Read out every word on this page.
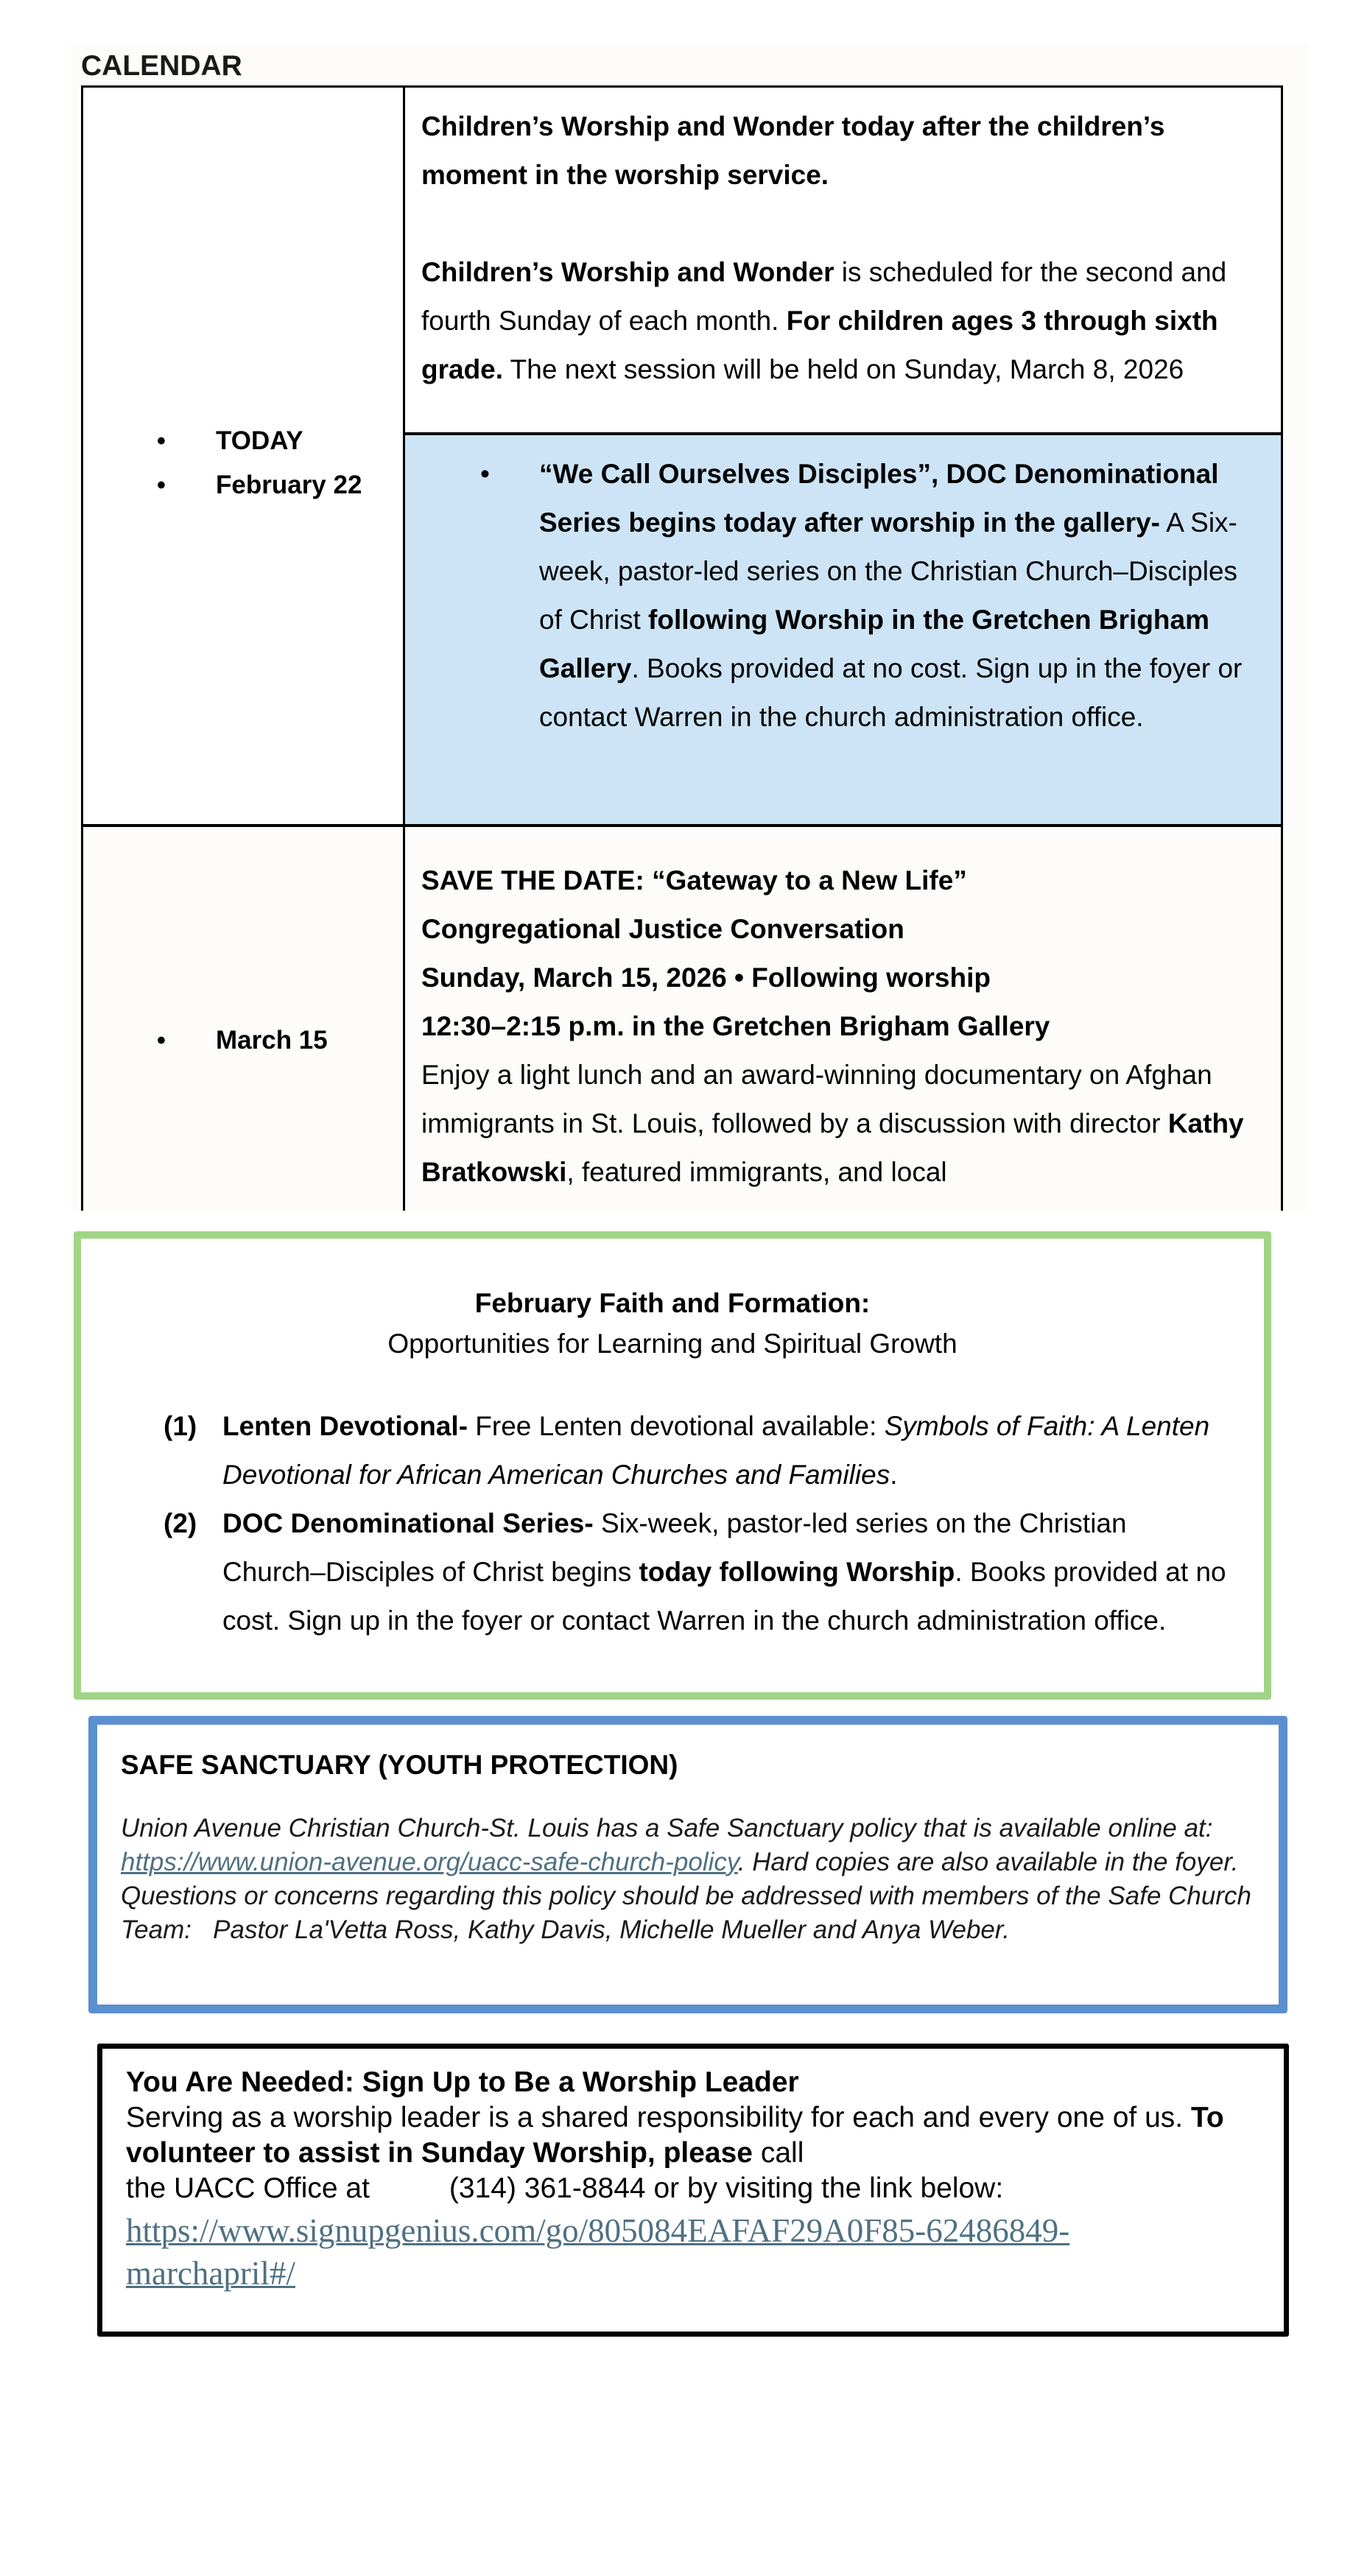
CALENDAR
• TODAY
• February 22
Children’s Worship and Wonder today after the children’s moment in the worship service.
Children’s Worship and Wonder is scheduled for the second and fourth Sunday of each month. For children ages 3 through sixth grade. The next session will be held on Sunday, March 8, 2026
• “We Call Ourselves Disciples”, DOC Denominational Series begins today after worship in the gallery- A Six-week, pastor-led series on the Christian Church–Disciples of Christ following Worship in the Gretchen Brigham Gallery. Books provided at no cost. Sign up in the foyer or contact Warren in the church administration office.
• March 15
SAVE THE DATE: “Gateway to a New Life”
Congregational Justice Conversation
Sunday, March 15, 2026 • Following worship
12:30–2:15 p.m. in the Gretchen Brigham Gallery
Enjoy a light lunch and an award-winning documentary on Afghan immigrants in St. Louis, followed by a discussion with director Kathy Bratkowski, featured immigrants, and local
February Faith and Formation:
Opportunities for Learning and Spiritual Growth
(1) Lenten Devotional- Free Lenten devotional available: Symbols of Faith: A Lenten Devotional for African American Churches and Families.
(2) DOC Denominational Series- Six-week, pastor-led series on the Christian Church–Disciples of Christ begins today following Worship. Books provided at no cost. Sign up in the foyer or contact Warren in the church administration office.
SAFE SANCTUARY (YOUTH PROTECTION)
Union Avenue Christian Church-St. Louis has a Safe Sanctuary policy that is available online at: https://www.union-avenue.org/uacc-safe-church-policy. Hard copies are also available in the foyer. Questions or concerns regarding this policy should be addressed with members of the Safe Church
Team: Pastor La'Vetta Ross, Kathy Davis, Michelle Mueller and Anya Weber.
You Are Needed: Sign Up to Be a Worship Leader
Serving as a worship leader is a shared responsibility for each and every one of us. To volunteer to assist in Sunday Worship, please call
the UACC Office at	(314) 361-8844 or by visiting the link below:
https://www.signupgenius.com/go/805084EAFAF29A0F85-62486849-
marchapril#/
